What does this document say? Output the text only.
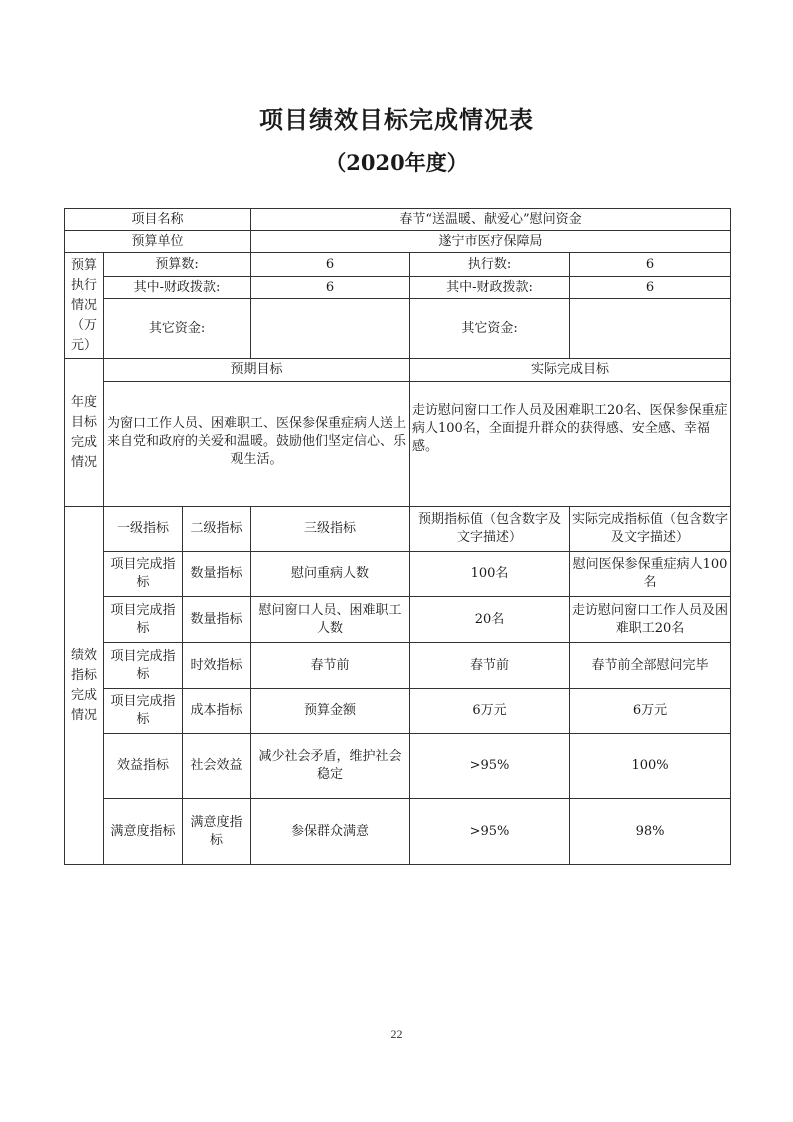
项目绩效目标完成情况表
（2020年度）
项目名称			春节“送温暖、献爱心”慰问资金		
预算单位			遂宁市医疗保障局		
预算执行情况（万元）	预算数:		6	执行数:	6
	其中-财政拨款:		6	其中-财政拨款:	6
	其它资金:			其它资金:	
年度目标完成情况	预期目标			实际完成目标	
	为窗口工作人员、困难职工、医保参保重症病人送上来自党和政府的关爱和温暖。鼓励他们坚定信心、乐观生活。			走访慰问窗口工作人员及困难职工20名、医保参保重症病人100名，全面提升群众的获得感、安全感、幸福感。	
绩效指标完成情况	一级指标	二级指标	三级指标	预期指标值（包含数字及文字描述）	实际完成指标值（包含数字及文字描述）
	项目完成指标	数量指标	慰问重病人数	100名	慰问医保参保重症病人100名
	项目完成指标	数量指标	慰问窗口人员、困难职工人数	20名	走访慰问窗口工作人员及困难职工20名
	项目完成指标	时效指标	春节前	春节前	春节前全部慰问完毕
	项目完成指标	成本指标	预算金额	6万元	6万元
	效益指标	社会效益	减少社会矛盾，维护社会稳定	>95%	100%
	满意度指标	满意度指标	参保群众满意	>95%	98%
22
